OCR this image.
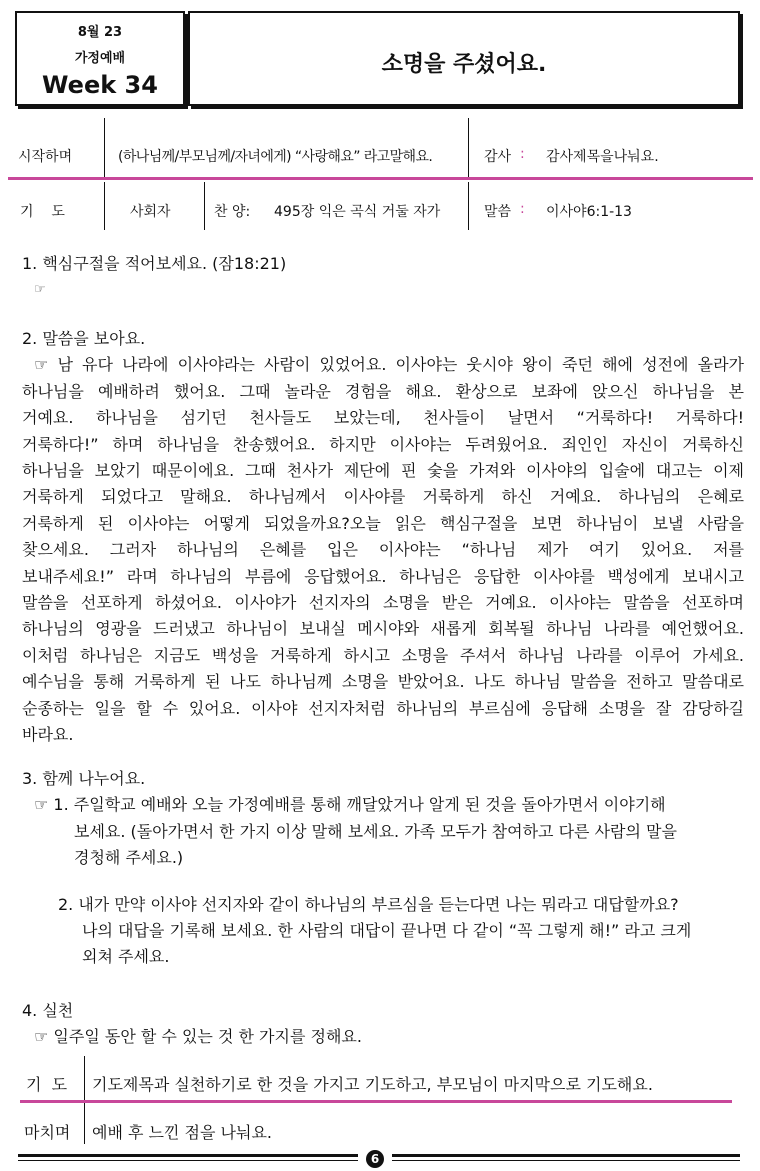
8월 23
가정예배
Week 34
소명을 주셨어요.
시작하며	(하나님께/부모님께/자녀에게) “사랑해요” 라고말해요.	감사 : 감사제목을나눠요.
기    도	사회자	찬 양: 495장 익은 곡식 거둘 자가	말씀 : 이사야6:1-13

1. 핵심구절을 적어보세요. (잠18:21)

☞

2. 말씀을 보아요.

☞ 남 유다 나라에 이사야라는 사람이 있었어요. 이사야는 웃시야 왕이 죽던 해에 성전에 올라가

하나님을 예배하려 했어요. 그때 놀라운 경험을 해요. 환상으로 보좌에 앉으신 하나님을 본

거예요. 하나님을 섬기던 천사들도 보았는데, 천사들이 날면서 “거룩하다! 거룩하다!

거룩하다!” 하며 하나님을 찬송했어요. 하지만 이사야는 두려웠어요. 죄인인 자신이 거룩하신

하나님을 보았기 때문이에요. 그때 천사가 제단에 핀 숯을 가져와 이사야의 입술에 대고는 이제

거룩하게 되었다고 말해요. 하나님께서 이사야를 거룩하게 하신 거예요. 하나님의 은혜로

거룩하게 된 이사야는 어떻게 되었을까요?오늘 읽은 핵심구절을 보면 하나님이 보낼 사람을

찾으세요. 그러자 하나님의 은혜를 입은 이사야는 “하나님 제가 여기 있어요. 저를

보내주세요!” 라며 하나님의 부름에 응답했어요. 하나님은 응답한 이사야를 백성에게 보내시고

말씀을 선포하게 하셨어요. 이사야가 선지자의 소명을 받은 거예요. 이사야는 말씀을 선포하며

하나님의 영광을 드러냈고 하나님이 보내실 메시야와 새롭게 회복될 하나님 나라를 예언했어요.

이처럼 하나님은 지금도 백성을 거룩하게 하시고 소명을 주셔서 하나님 나라를 이루어 가세요.

예수님을 통해 거룩하게 된 나도 하나님께 소명을 받았어요. 나도 하나님 말씀을 전하고 말씀대로

순종하는 일을 할 수 있어요. 이사야 선지자처럼 하나님의 부르심에 응답해 소명을 잘 감당하길

바라요.

3. 함께 나누어요.

☞ 1. 주일학교 예배와 오늘 가정예배를 통해 깨달았거나 알게 된 것을 돌아가면서 이야기해

보세요. (돌아가면서 한 가지 이상 말해 보세요. 가족 모두가 참여하고 다른 사람의 말을

경청해 주세요.)

2. 내가 만약 이사야 선지자와 같이 하나님의 부르심을 듣는다면 나는 뭐라고 대답할까요?

나의 대답을 기록해 보세요. 한 사람의 대답이 끝나면 다 같이 “꼭 그렇게 해!” 라고 크게

외쳐 주세요.

4. 실천

☞ 일주일 동안 할 수 있는 것 한 가지를 정해요.

기  도 기도제목과 실천하기로 한 것을 가지고 기도하고, 부모님이 마지막으로 기도해요.
마치며 예배 후 느낀 점을 나눠요.
6
